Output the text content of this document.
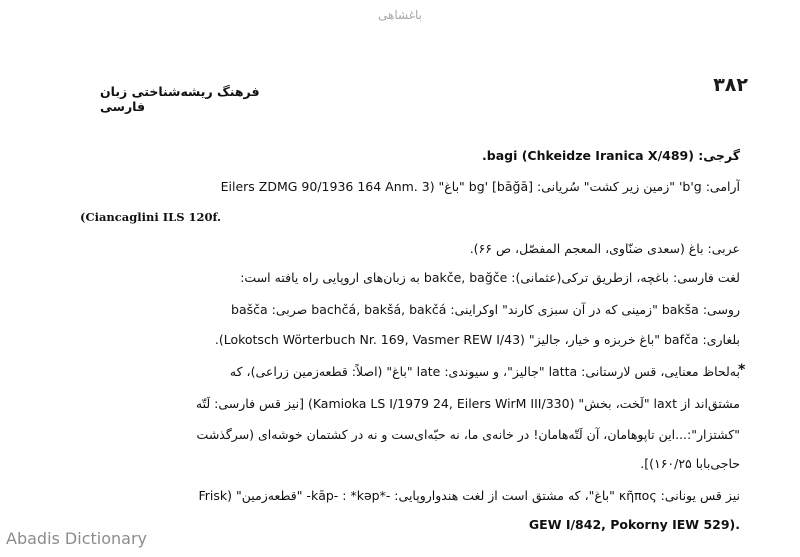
باغشاهی
۳۸۲
فرهنگ ریشه‌شناختی زبان فارسی
گرجی: bagi (Chkeidze Iranica X/489).
آرامی: b'g' "زمین زیر کشت" سُریانی: bg' [bāğā] "باغ" (Eilers ZDMG 90/1936 164 Anm. 3
(Ciancaglini ILS 120f.
عربی: باغ (سعدی ضنّاوی، المعجم المفصّل، ص ۶۶).
لغت فارسی: باغچه، ازطریق ترکی(عثمانی): bakče, bağče به زبان‌های اروپایی راه یافته است:
روسی: bakša "زمینی که در آن سبزی کارند" اوکراینی: bachčá, bakšá, bakčá صربی: bašča
بلغاری: bafča "باغ خربزه و خیار، جالیز" (Lokotsch Wörterbuch Nr. 169, Vasmer REW I/43).
*
به‌لحاظ معنایی، قس لارستانی: latta "جالیز"، و سیوندی: late "باغ" (اصلاً: قطعه‌زمین زراعی)، که
مشتق‌اند از laxt "لَخت، بخش" (Kamioka LS I/1979 24, Eilers WirM III/330) [نیز قس فارسی: لَتّه
"کشتزار":...این تاپوهامان، آن لَتّه‌هامان! در خانه‌ی ما، نه حبّه‌ای‌ست و نه در کشتمان خوشه‌ای (سرگذشت
حاجی‌بابا ۱۶۰/۲۵)].
نیز قس یونانی: κῆπος "باغ"، که مشتق است از لغت هندواروپایی: -*kāp- : *kəp- "قطعه‌زمین" (Frisk
GEW I/842, Pokorny IEW 529).
Abadis Dictionary
